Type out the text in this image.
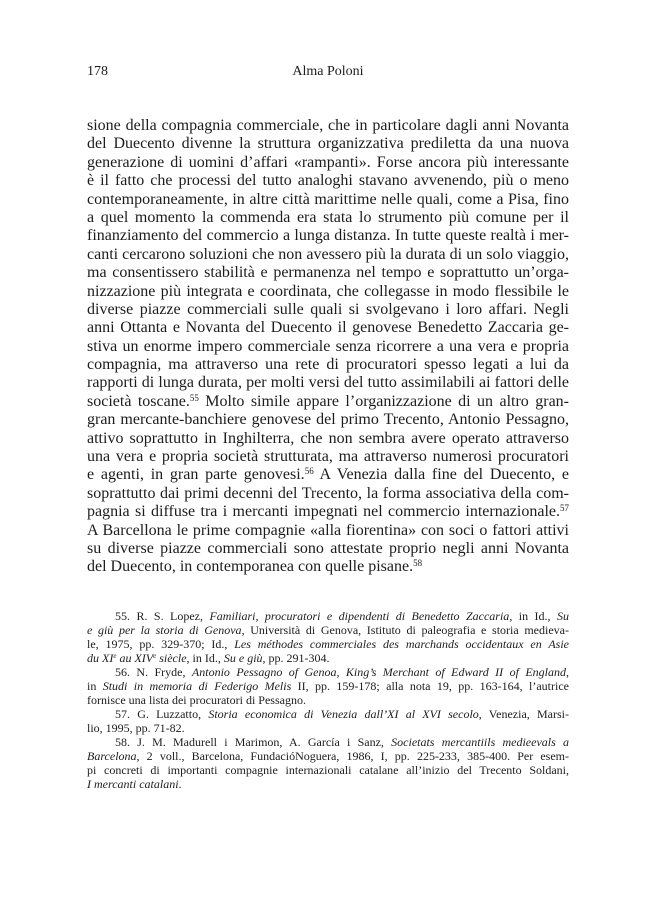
178	Alma Poloni
sione della compagnia commerciale, che in particolare dagli anni Novanta
del Duecento divenne la struttura organizzativa prediletta da una nuova
generazione di uomini d’affari «rampanti». Forse ancora più interessante
è il fatto che processi del tutto analoghi stavano avvenendo, più o meno
contemporaneamente, in altre città marittime nelle quali, come a Pisa, fino
a quel momento la commenda era stata lo strumento più comune per il
finanziamento del commercio a lunga distanza. In tutte queste realtà i mer-
canti cercarono soluzioni che non avessero più la durata di un solo viaggio,
ma consentissero stabilità e permanenza nel tempo e soprattutto un’orga-
nizzazione più integrata e coordinata, che collegasse in modo flessibile le
diverse piazze commerciali sulle quali si svolgevano i loro affari. Negli
anni Ottanta e Novanta del Duecento il genovese Benedetto Zaccaria ge-
stiva un enorme impero commerciale senza ricorrere a una vera e propria
compagnia, ma attraverso una rete di procuratori spesso legati a lui da
rapporti di lunga durata, per molti versi del tutto assimilabili ai fattori delle
società toscane.$^{55}$ Molto simile appare l’organizzazione di un altro gran-
gran mercante-banchiere genovese del primo Trecento, Antonio Pessagno,
attivo soprattutto in Inghilterra, che non sembra avere operato attraverso
una vera e propria società strutturata, ma attraverso numerosi procuratori
e agenti, in gran parte genovesi.$^{56}$ A Venezia dalla fine del Duecento, e
soprattutto dai primi decenni del Trecento, la forma associativa della com-
pagnia si diffuse tra i mercanti impegnati nel commercio internazionale.$^{57}$
A Barcellona le prime compagnie «alla fiorentina» con soci o fattori attivi
su diverse piazze commerciali sono attestate proprio negli anni Novanta
del Duecento, in contemporanea con quelle pisane.$^{58}$
55. R. S. Lopez, Familiari, procuratori e dipendenti di Benedetto Zaccaria, in Id., Su
e giù per la storia di Genova, Università di Genova, Istituto di paleografia e storia medieva-
le, 1975, pp. 329-370; Id., Les méthodes commerciales des marchands occidentaux en Asie
du XIe au XIVe siècle, in Id., Su e giù, pp. 291-304.
56. N. Fryde, Antonio Pessagno of Genoa, King’s Merchant of Edward II of England,
in Studi in memoria di Federigo Melis II, pp. 159-178; alla nota 19, pp. 163-164, l’autrice
fornisce una lista dei procuratori di Pessagno.
57. G. Luzzatto, Storia economica di Venezia dall’XI al XVI secolo, Venezia, Marsi-
lio, 1995, pp. 71-82.
58. J. M. Madurell i Marimon, A. García i Sanz, Societats mercantiils medieevals a
Barcelona, 2 voll., Barcelona, FundacióNoguera, 1986, I, pp. 225-233, 385-400. Per esem-
pi concreti di importanti compagnie internazionali catalane all’inizio del Trecento Soldani,
I mercanti catalani.
